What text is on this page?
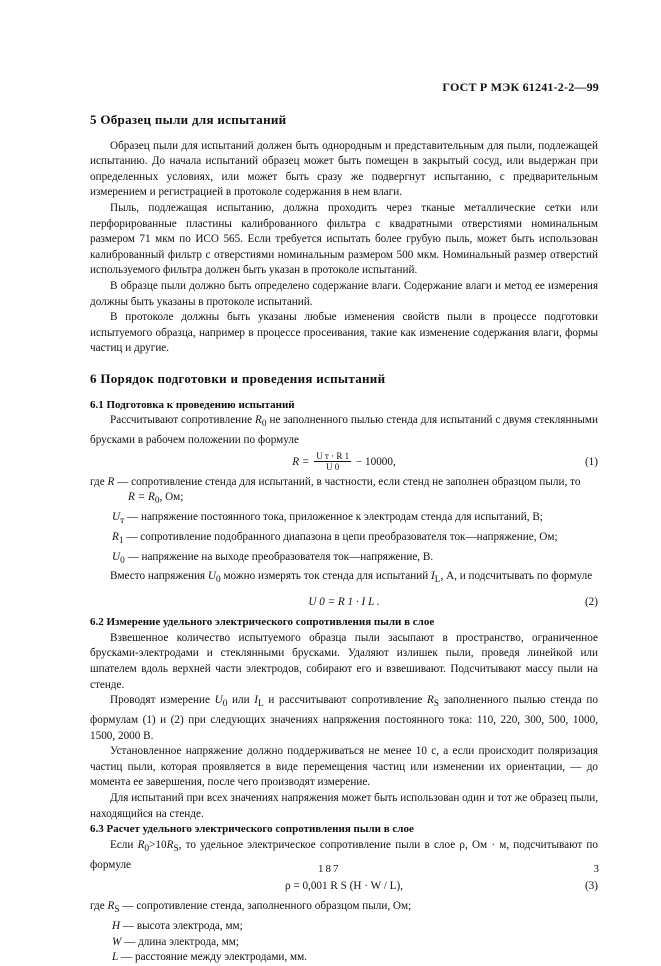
ГОСТ Р МЭК 61241-2-2—99
5 Образец пыли для испытаний

Образец пыли для испытаний должен быть однородным и представительным для пыли, подлежащей испытанию. До начала испытаний образец может быть помещен в закрытый сосуд, или выдержан при определенных условиях, или может быть сразу же подвергнут испытанию, с предварительным измерением и регистрацией в протоколе содержания в нем влаги.

Пыль, подлежащая испытанию, должна проходить через тканые металлические сетки или перфорированные пластины калиброванного фильтра с квадратными отверстиями номинальным размером 71 мкм по ИСО 565. Если требуется испытать более грубую пыль, может быть использован калиброванный фильтр с отверстиями номинальным размером 500 мкм. Номинальный размер отверстий используемого фильтра должен быть указан в протоколе испытаний.

В образце пыли должно быть определено содержание влаги. Содержание влаги и метод ее измерения должны быть указаны в протоколе испытаний.

В протоколе должны быть указаны любые изменения свойств пыли в процессе подготовки испытуемого образца, например в процессе просеивания, такие как изменение содержания влаги, формы частиц и другие.

6 Порядок подготовки и проведения испытаний
6.1 Подготовка к проведению испытаний

Рассчитывают сопротивление $R_0$ не заполненного пылью стенда для испытаний с двумя стеклянными брусками в рабочем положении по формуле

$R = \frac{\text{U т · R 1}}{U 0} - 10000$,	(1)

где R — сопротивление стенда для испытаний, в частности, если стенд не заполнен образцом пыли, то

$R = R_0$, Ом;

$U_т$ — напряжение постоянного тока, приложенное к электродам стенда для испытаний, В;
$R_1$ — сопротивление подобранного диапазона в цепи преобразователя ток—напряжение, Ом;
$U_0$ — напряжение на выходе преобразователя ток—напряжение, В.

Вместо напряжения $U_0$ можно измерять ток стенда для испытаний $I_L$, А, и подсчитывать по формуле

U 0 = R 1 · I L .	(2)
6.2 Измерение удельного электрического сопротивления пыли в слое

Взвешенное количество испытуемого образца пыли засыпают в пространство, ограниченное брусками-электродами и стеклянными брусками. Удаляют излишек пыли, проведя линейкой или шпателем вдоль верхней части электродов, собирают его и взвешивают. Подсчитывают массу пыли на стенде.

Проводят измерение $U_0$ или $I_L$ и рассчитывают сопротивление $R_S$ заполненного пылью стенда по формулам (1) и (2) при следующих значениях напряжения постоянного тока: 110, 220, 300, 500, 1000, 1500, 2000 В.

Установленное напряжение должно поддерживаться не менее 10 с, а если происходит поляризация частиц пыли, которая проявляется в виде перемещения частиц или изменении их ориентации, — до момента ее завершения, после чего производят измерение.

Для испытаний при всех значениях напряжения может быть использован один и тот же образец пыли, находящийся на стенде.

6.3 Расчет удельного электрического сопротивления пыли в слое

Если $R_0>10R_S$, то удельное электрическое сопротивление пыли в слое ρ, Ом · м, подсчитывают по формуле

ρ = 0,001 R S (H · W / L),	(3)

где $R_S$ — сопротивление стенда, заполненного образцом пыли, Ом;

H — высота электрода, мм;
W — длина электрода, мм;
L — расстояние между электродами, мм.
187	3
